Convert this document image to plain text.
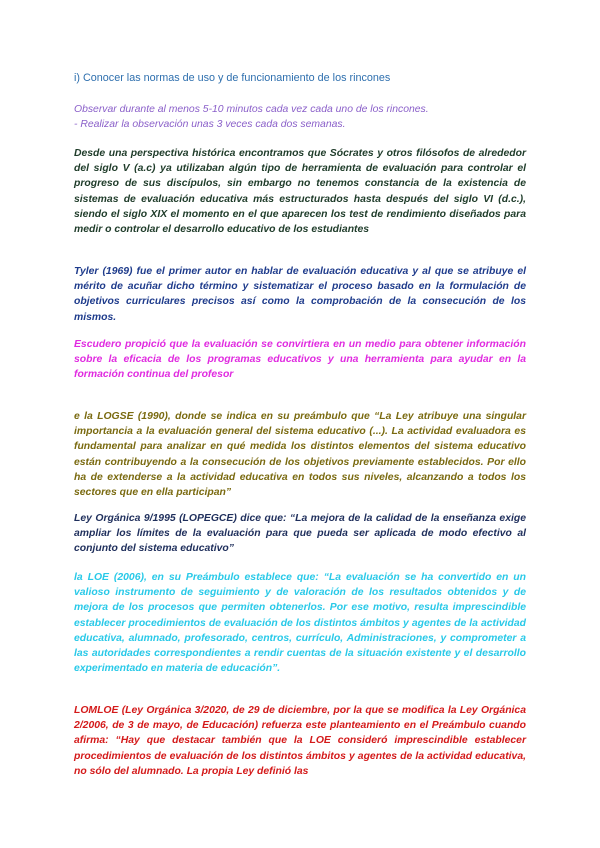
i) Conocer las normas de uso y de funcionamiento de los rincones

Observar durante al menos 5-10 minutos cada vez cada uno de los rincones.
- Realizar la observación unas 3 veces cada dos semanas.

Desde una perspectiva histórica encontramos que Sócrates y otros filósofos de alrededor del siglo V (a.c) ya utilizaban algún tipo de herramienta de evaluación para controlar el progreso de sus discípulos, sin embargo no tenemos constancia de la existencia de sistemas de evaluación educativa más estructurados hasta después del siglo VI (d.c.), siendo el siglo XIX el momento en el que aparecen los test de rendimiento diseñados para medir o controlar el desarrollo educativo de los estudiantes

Tyler (1969) fue el primer autor en hablar de evaluación educativa y al que se atribuye el mérito de acuñar dicho término y sistematizar el proceso basado en la formulación de objetivos curriculares precisos así como la comprobación de la consecución de los mismos.

Escudero propició que la evaluación se convirtiera en un medio para obtener información sobre la eficacia de los programas educativos y una herramienta para ayudar en la formación continua del profesor

e la LOGSE (1990), donde se indica en su preámbulo que “La Ley atribuye una singular importancia a la evaluación general del sistema educativo (...). La actividad evaluadora es fundamental para analizar en qué medida los distintos elementos del sistema educativo están contribuyendo a la consecución de los objetivos previamente establecidos. Por ello ha de extenderse a la actividad educativa en todos sus niveles, alcanzando a todos los sectores que en ella participan”

Ley Orgánica 9/1995 (LOPEGCE) dice que: “La mejora de la calidad de la enseñanza exige ampliar los límites de la evaluación para que pueda ser aplicada de modo efectivo al conjunto del sistema educativo”

la LOE (2006), en su Preámbulo establece que: “La evaluación se ha convertido en un valioso instrumento de seguimiento y de valoración de los resultados obtenidos y de mejora de los procesos que permiten obtenerlos. Por ese motivo, resulta imprescindible establecer procedimientos de evaluación de los distintos ámbitos y agentes de la actividad educativa, alumnado, profesorado, centros, currículo, Administraciones, y comprometer a las autoridades correspondientes a rendir cuentas de la situación existente y el desarrollo experimentado en materia de educación”.

LOMLOE (Ley Orgánica 3/2020, de 29 de diciembre, por la que se modifica la Ley Orgánica 2/2006, de 3 de mayo, de Educación) refuerza este planteamiento en el Preámbulo cuando afirma: “Hay que destacar también que la LOE consideró imprescindible establecer procedimientos de evaluación de los distintos ámbitos y agentes de la actividad educativa, no sólo del alumnado. La propia Ley definió las
